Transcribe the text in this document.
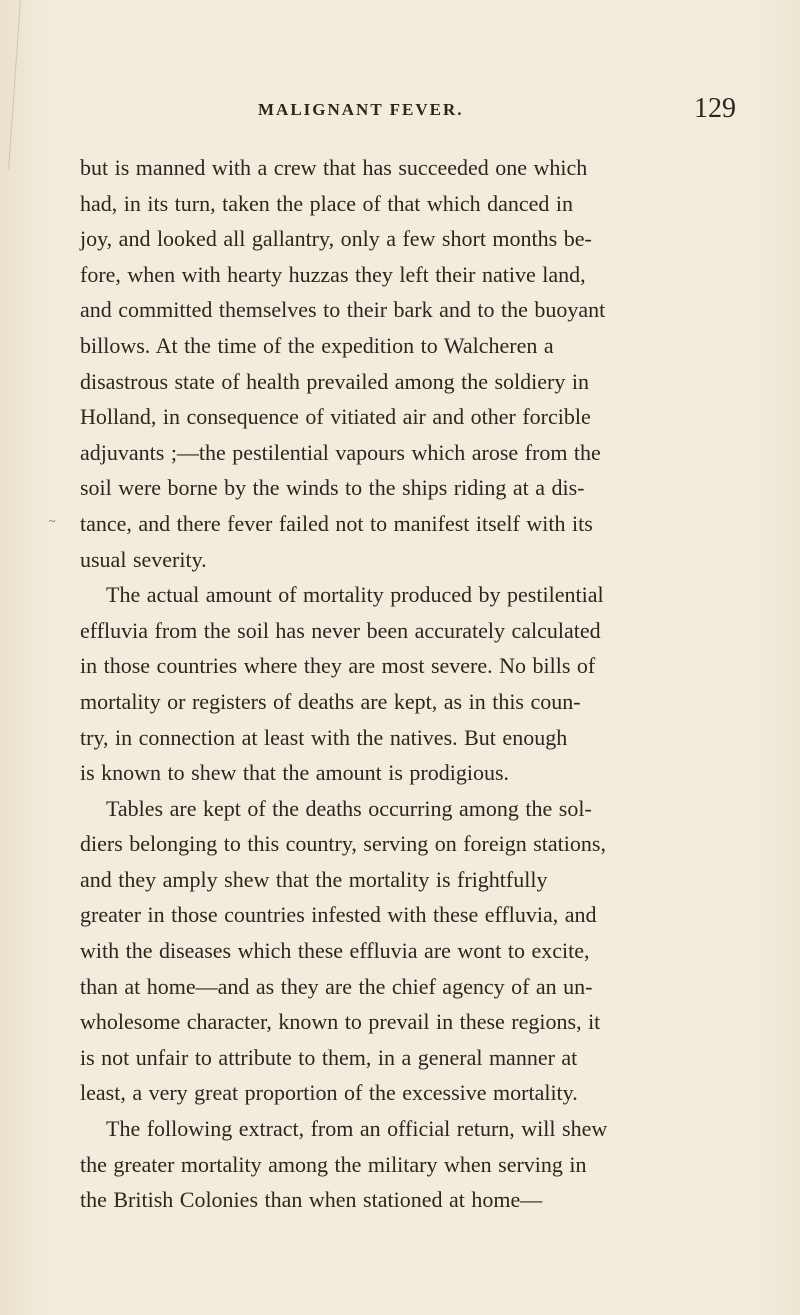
MALIGNANT FEVER.	129
~
but is manned with a crew that has succeeded one which
had, in its turn, taken the place of that which danced in
joy, and looked all gallantry, only a few short months be-
fore, when with hearty huzzas they left their native land,
and committed themselves to their bark and to the buoyant
billows. At the time of the expedition to Walcheren a
disastrous state of health prevailed among the soldiery in
Holland, in consequence of vitiated air and other forcible
adjuvants ;—the pestilential vapours which arose from the
soil were borne by the winds to the ships riding at a dis-
tance, and there fever failed not to manifest itself with its
usual severity.
The actual amount of mortality produced by pestilential
effluvia from the soil has never been accurately calculated
in those countries where they are most severe. No bills of
mortality or registers of deaths are kept, as in this coun-
try, in connection at least with the natives. But enough
is known to shew that the amount is prodigious.
Tables are kept of the deaths occurring among the sol-
diers belonging to this country, serving on foreign stations,
and they amply shew that the mortality is frightfully
greater in those countries infested with these effluvia, and
with the diseases which these effluvia are wont to excite,
than at home—and as they are the chief agency of an un-
wholesome character, known to prevail in these regions, it
is not unfair to attribute to them, in a general manner at
least, a very great proportion of the excessive mortality.
The following extract, from an official return, will shew
the greater mortality among the military when serving in
the British Colonies than when stationed at home—
